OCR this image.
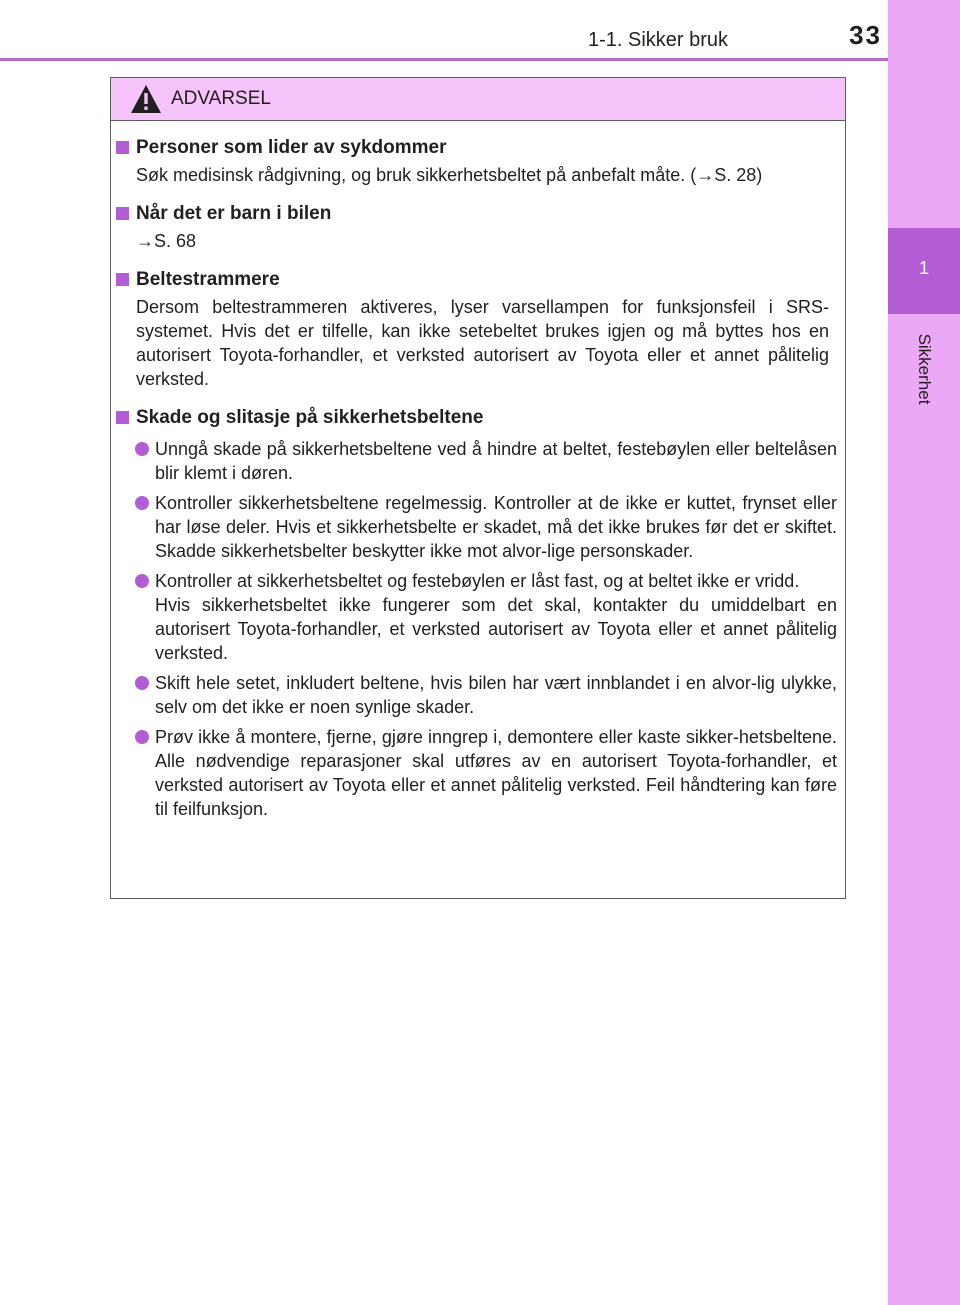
1-1. Sikker bruk	33
1
Sikkerhet
ADVARSEL
Personer som lider av sykdommer
Søk medisinsk rådgivning, og bruk sikkerhetsbeltet på anbefalt måte. (→S. 28)
Når det er barn i bilen
→S. 68
Beltestrammere
Dersom beltestrammeren aktiveres, lyser varsellampen for funksjonsfeil i SRS-systemet. Hvis det er tilfelle, kan ikke setebeltet brukes igjen og må byttes hos en autorisert Toyota-forhandler, et verksted autorisert av Toyota eller et annet pålitelig verksted.
Skade og slitasje på sikkerhetsbeltene
Unngå skade på sikkerhetsbeltene ved å hindre at beltet, festebøylen eller beltelåsen blir klemt i døren.
Kontroller sikkerhetsbeltene regelmessig. Kontroller at de ikke er kuttet, frynset eller har løse deler. Hvis et sikkerhetsbelte er skadet, må det ikke brukes før det er skiftet. Skadde sikkerhetsbelter beskytter ikke mot alvor-lige personskader.
Kontroller at sikkerhetsbeltet og festebøylen er låst fast, og at beltet ikke er vridd.
Hvis sikkerhetsbeltet ikke fungerer som det skal, kontakter du umiddelbart en autorisert Toyota-forhandler, et verksted autorisert av Toyota eller et annet pålitelig verksted.
Skift hele setet, inkludert beltene, hvis bilen har vært innblandet i en alvor-lig ulykke, selv om det ikke er noen synlige skader.
Prøv ikke å montere, fjerne, gjøre inngrep i, demontere eller kaste sikker-hetsbeltene. Alle nødvendige reparasjoner skal utføres av en autorisert Toyota-forhandler, et verksted autorisert av Toyota eller et annet pålitelig verksted. Feil håndtering kan føre til feilfunksjon.
